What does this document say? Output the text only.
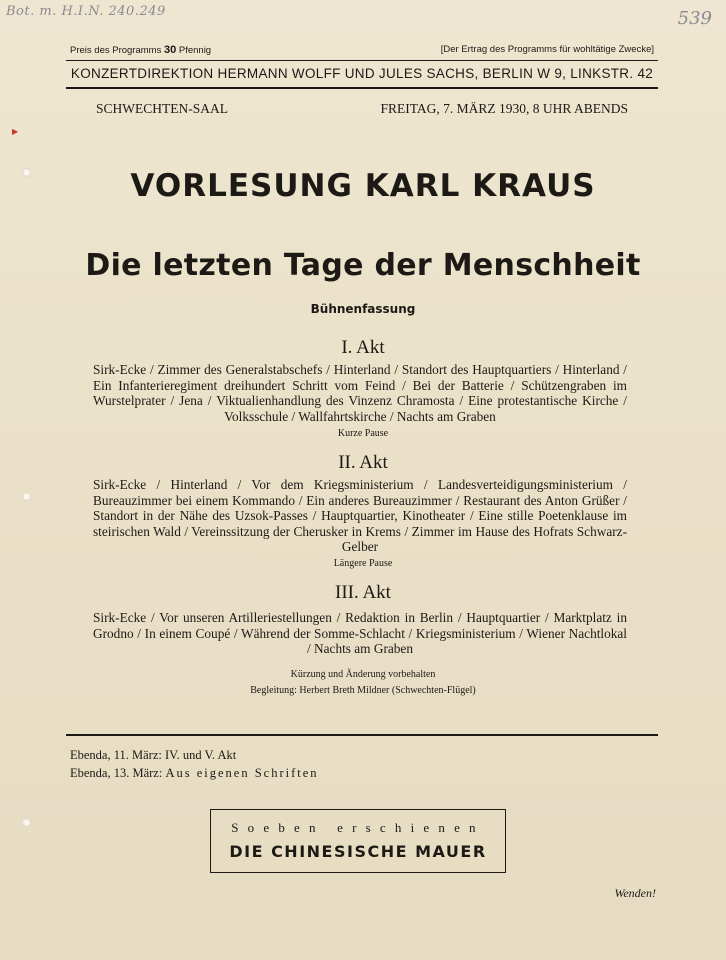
Bot. m. H.I.N. 240.249	539
▶
Preis des Programms 30 Pfennig	[Der Ertrag des Programms für wohltätige Zwecke]
KONZERTDIREKTION HERMANN WOLFF UND JULES SACHS, BERLIN W 9, LINKSTR. 42
SCHWECHTEN-SAAL	FREITAG, 7. MÄRZ 1930, 8 UHR ABENDS
VORLESUNG KARL KRAUS
Die letzten Tage der Menschheit
Bühnenfassung
I. Akt
Sirk-Ecke / Zimmer des Generalstabschefs / Hinterland / Standort des Hauptquartiers / Hinterland / Ein Infanterieregiment dreihundert Schritt vom Feind / Bei der Batterie / Schützengraben im Wurstelprater / Jena / Viktualienhandlung des Vinzenz Chramosta / Eine protestantische Kirche / Volksschule / Wallfahrtskirche / Nachts am Graben
Kurze Pause
II. Akt
Sirk-Ecke / Hinterland / Vor dem Kriegsministerium / Landesverteidigungsministerium / Bureauzimmer bei einem Kommando / Ein anderes Bureauzimmer / Restaurant des Anton Grüßer / Standort in der Nähe des Uzsok-Passes / Hauptquartier, Kinotheater / Eine stille Poetenklause im steirischen Wald / Vereinssitzung der Cherusker in Krems / Zimmer im Hause des Hofrats Schwarz-Gelber
Längere Pause
III. Akt
Sirk-Ecke / Vor unseren Artilleriestellungen / Redaktion in Berlin / Hauptquartier / Marktplatz in Grodno / In einem Coupé / Während der Somme-Schlacht / Kriegsministerium / Wiener Nachtlokal / Nachts am Graben
Kürzung und Änderung vorbehalten
Begleitung: Herbert Breth Mildner (Schwechten-Flügel)
Ebenda, 11. März: IV. und V. Akt
Ebenda, 13. März: Aus eigenen Schriften
Soeben erschienen
DIE CHINESISCHE MAUER
Wenden!
